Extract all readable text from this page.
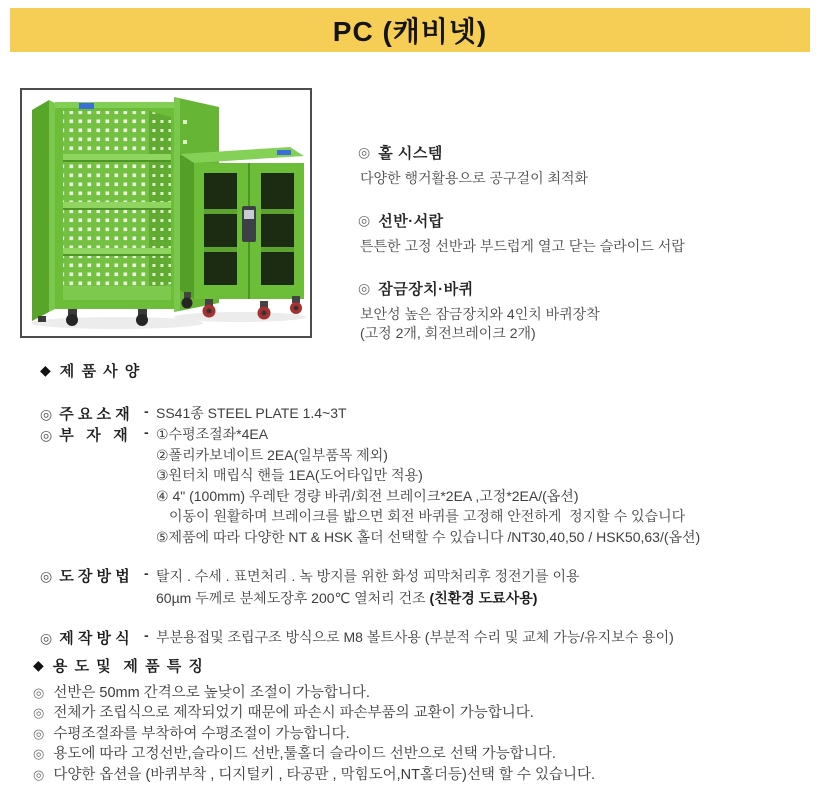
PC (캐비넷)
◎ 홀 시스템
다양한 행거활용으로 공구걸이 최적화
◎ 선반·서랍
튼튼한 고정 선반과 부드럽게 열고 닫는 슬라이드 서랍
◎ 잠금장치·바퀴
보안성 높은 잠금장치와 4인치 바퀴장착
(고정 2개, 회전브레이크 2개)
◆ 제 품 사 양
◎ 주 요 소 재 - SS41종 STEEL PLATE 1.4~3T
◎ 부   자   재 - ①수평조절좌*4EA
②폴리카보네이트 2EA(일부품목 제외)
③원터치 매립식 핸들 1EA(도어타입만 적용)
④ 4" (100mm) 우레탄 경량 바퀴/회전 브레이크*2EA ,고정*2EA/(옵션)
이동이 원활하며 브레이크를 밟으면 회전 바퀴를 고정해 안전하게  정지할 수 있습니다
⑤제품에 따라 다양한 NT & HSK 홀더 선택할 수 있습니다 /NT30,40,50 / HSK50,63/(옵션)
◎ 도 장 방 법 - 탈지 . 수세 . 표면처리 . 녹 방지를 위한 화성 피막처리후 정전기를 이용
60µm 두께로 분체도장후 200℃ 열처리 건조 (친환경 도료사용)
◎ 제 작 방 식 - 부분용접및 조립구조 방식으로 M8 볼트사용 (부분적 수리 및 교체 가능/유지보수 용이)
◆ 용 도 및  제 품 특 징
◎ 선반은 50mm 간격으로 높낮이 조절이 가능합니다.
◎ 전체가 조립식으로 제작되었기 때문에 파손시 파손부품의 교환이 가능합니다.
◎ 수평조절좌를 부착하여 수평조절이 가능합니다.
◎ 용도에 따라 고정선반,슬라이드 선반,툴홀더 슬라이드 선반으로 선택 가능합니다.
◎ 다양한 옵션을 (바퀴부착 , 디지털키 , 타공판 , 막힘도어,NT홀더등)선택 할 수 있습니다.
